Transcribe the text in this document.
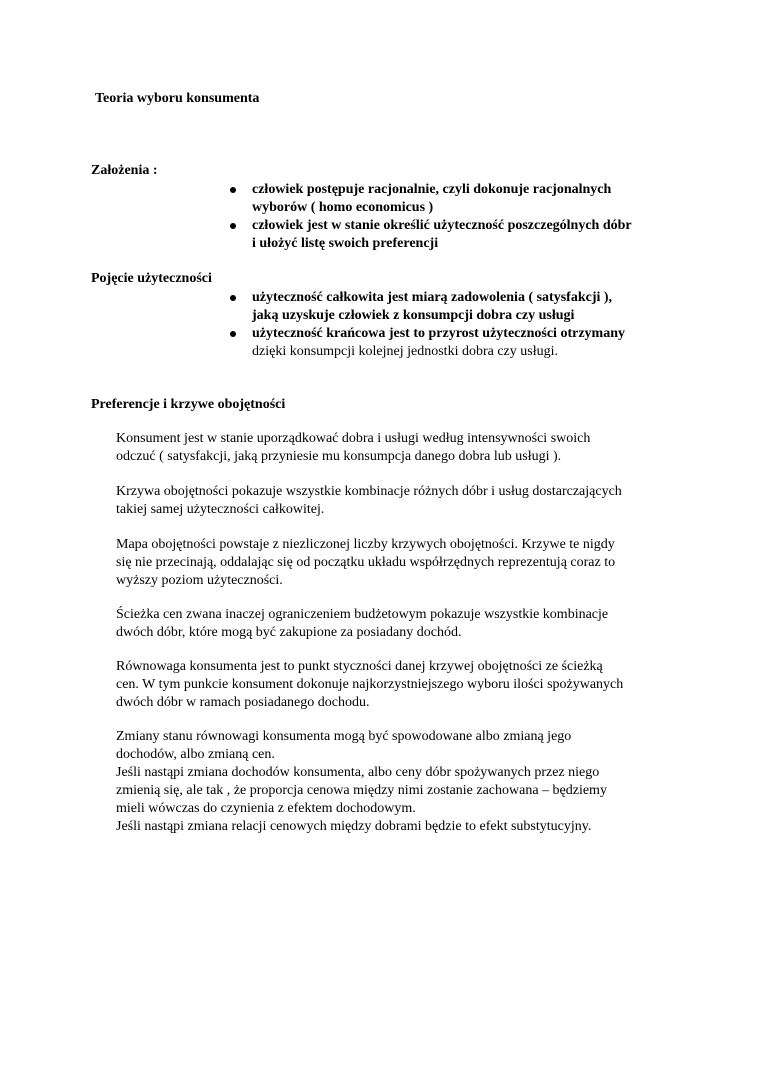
Teoria wyboru konsumenta

Założenia :

człowiek postępuje racjonalnie, czyli dokonuje racjonalnych
wyborów ( homo economicus )
człowiek jest w stanie określić użyteczność poszczególnych dóbr
i ułożyć listę swoich preferencji

Pojęcie użyteczności

użyteczność całkowita jest miarą zadowolenia ( satysfakcji ),
jaką uzyskuje człowiek z konsumpcji dobra czy usługi
użyteczność krańcowa jest to przyrost użyteczności otrzymany
dzięki konsumpcji kolejnej jednostki dobra czy usługi.

Preferencje i krzywe obojętności

Konsument jest w stanie uporządkować dobra i usługi według intensywności swoich
odczuć ( satysfakcji, jaką przyniesie mu konsumpcja danego dobra lub usługi ).
Krzywa obojętności pokazuje wszystkie kombinacje różnych dóbr i usług dostarczających
takiej samej użyteczności całkowitej.
Mapa obojętności powstaje z niezliczonej liczby krzywych obojętności. Krzywe te nigdy
się nie przecinają, oddalając się od początku układu współrzędnych reprezentują coraz to
wyższy poziom użyteczności.
Ścieżka cen zwana inaczej ograniczeniem budżetowym pokazuje wszystkie kombinacje
dwóch dóbr, które mogą być zakupione za posiadany dochód.
Równowaga konsumenta jest to punkt styczności danej krzywej obojętności ze ścieżką
cen. W tym punkcie konsument dokonuje najkorzystniejszego wyboru ilości spożywanych
dwóch dóbr w ramach posiadanego dochodu.
Zmiany stanu równowagi konsumenta mogą być spowodowane albo zmianą jego
dochodów, albo zmianą cen.
Jeśli nastąpi zmiana dochodów konsumenta, albo ceny dóbr spożywanych przez niego
zmienią się, ale tak , że proporcja cenowa między nimi zostanie zachowana – będziemy
mieli wówczas do czynienia z efektem dochodowym.
Jeśli nastąpi zmiana relacji cenowych między dobrami będzie to efekt substytucyjny.
